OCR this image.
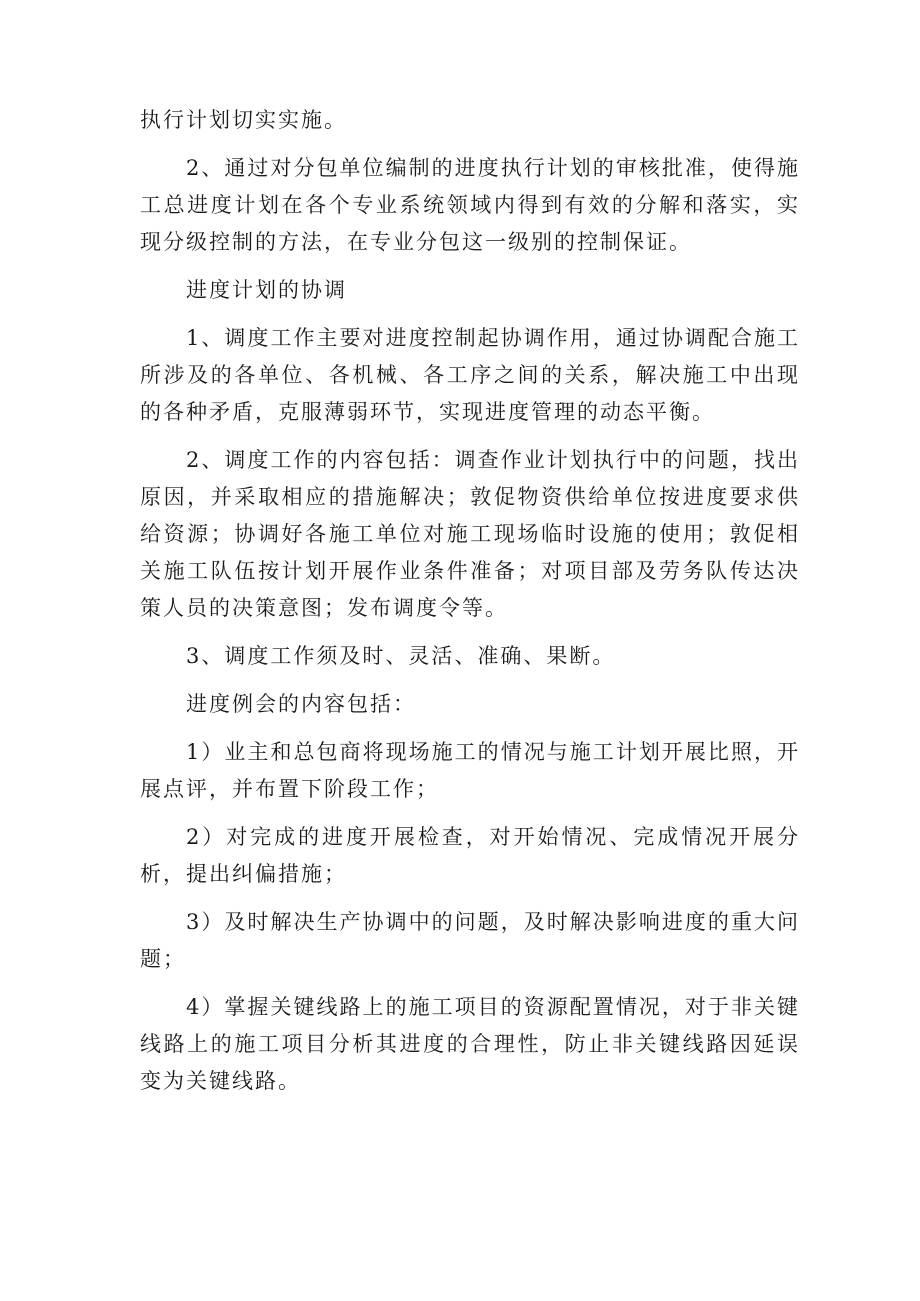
执行计划切实实施。

2、通过对分包单位编制的进度执行计划的审核批准，使得施工总进度计划在各个专业系统领域内得到有效的分解和落实，实现分级控制的方法，在专业分包这一级别的控制保证。

进度计划的协调

1、调度工作主要对进度控制起协调作用，通过协调配合施工所涉及的各单位、各机械、各工序之间的关系，解决施工中出现的各种矛盾，克服薄弱环节，实现进度管理的动态平衡。

2、调度工作的内容包括：调查作业计划执行中的问题，找出原因，并采取相应的措施解决；敦促物资供给单位按进度要求供给资源；协调好各施工单位对施工现场临时设施的使用；敦促相关施工队伍按计划开展作业条件准备；对项目部及劳务队传达决策人员的决策意图；发布调度令等。

3、调度工作须及时、灵活、准确、果断。

进度例会的内容包括：

1）业主和总包商将现场施工的情况与施工计划开展比照，开展点评，并布置下阶段工作；

2）对完成的进度开展检查，对开始情况、完成情况开展分析，提出纠偏措施；

3）及时解决生产协调中的问题，及时解决影响进度的重大问题；

4）掌握关键线路上的施工项目的资源配置情况，对于非关键线路上的施工项目分析其进度的合理性，防止非关键线路因延误变为关键线路。
